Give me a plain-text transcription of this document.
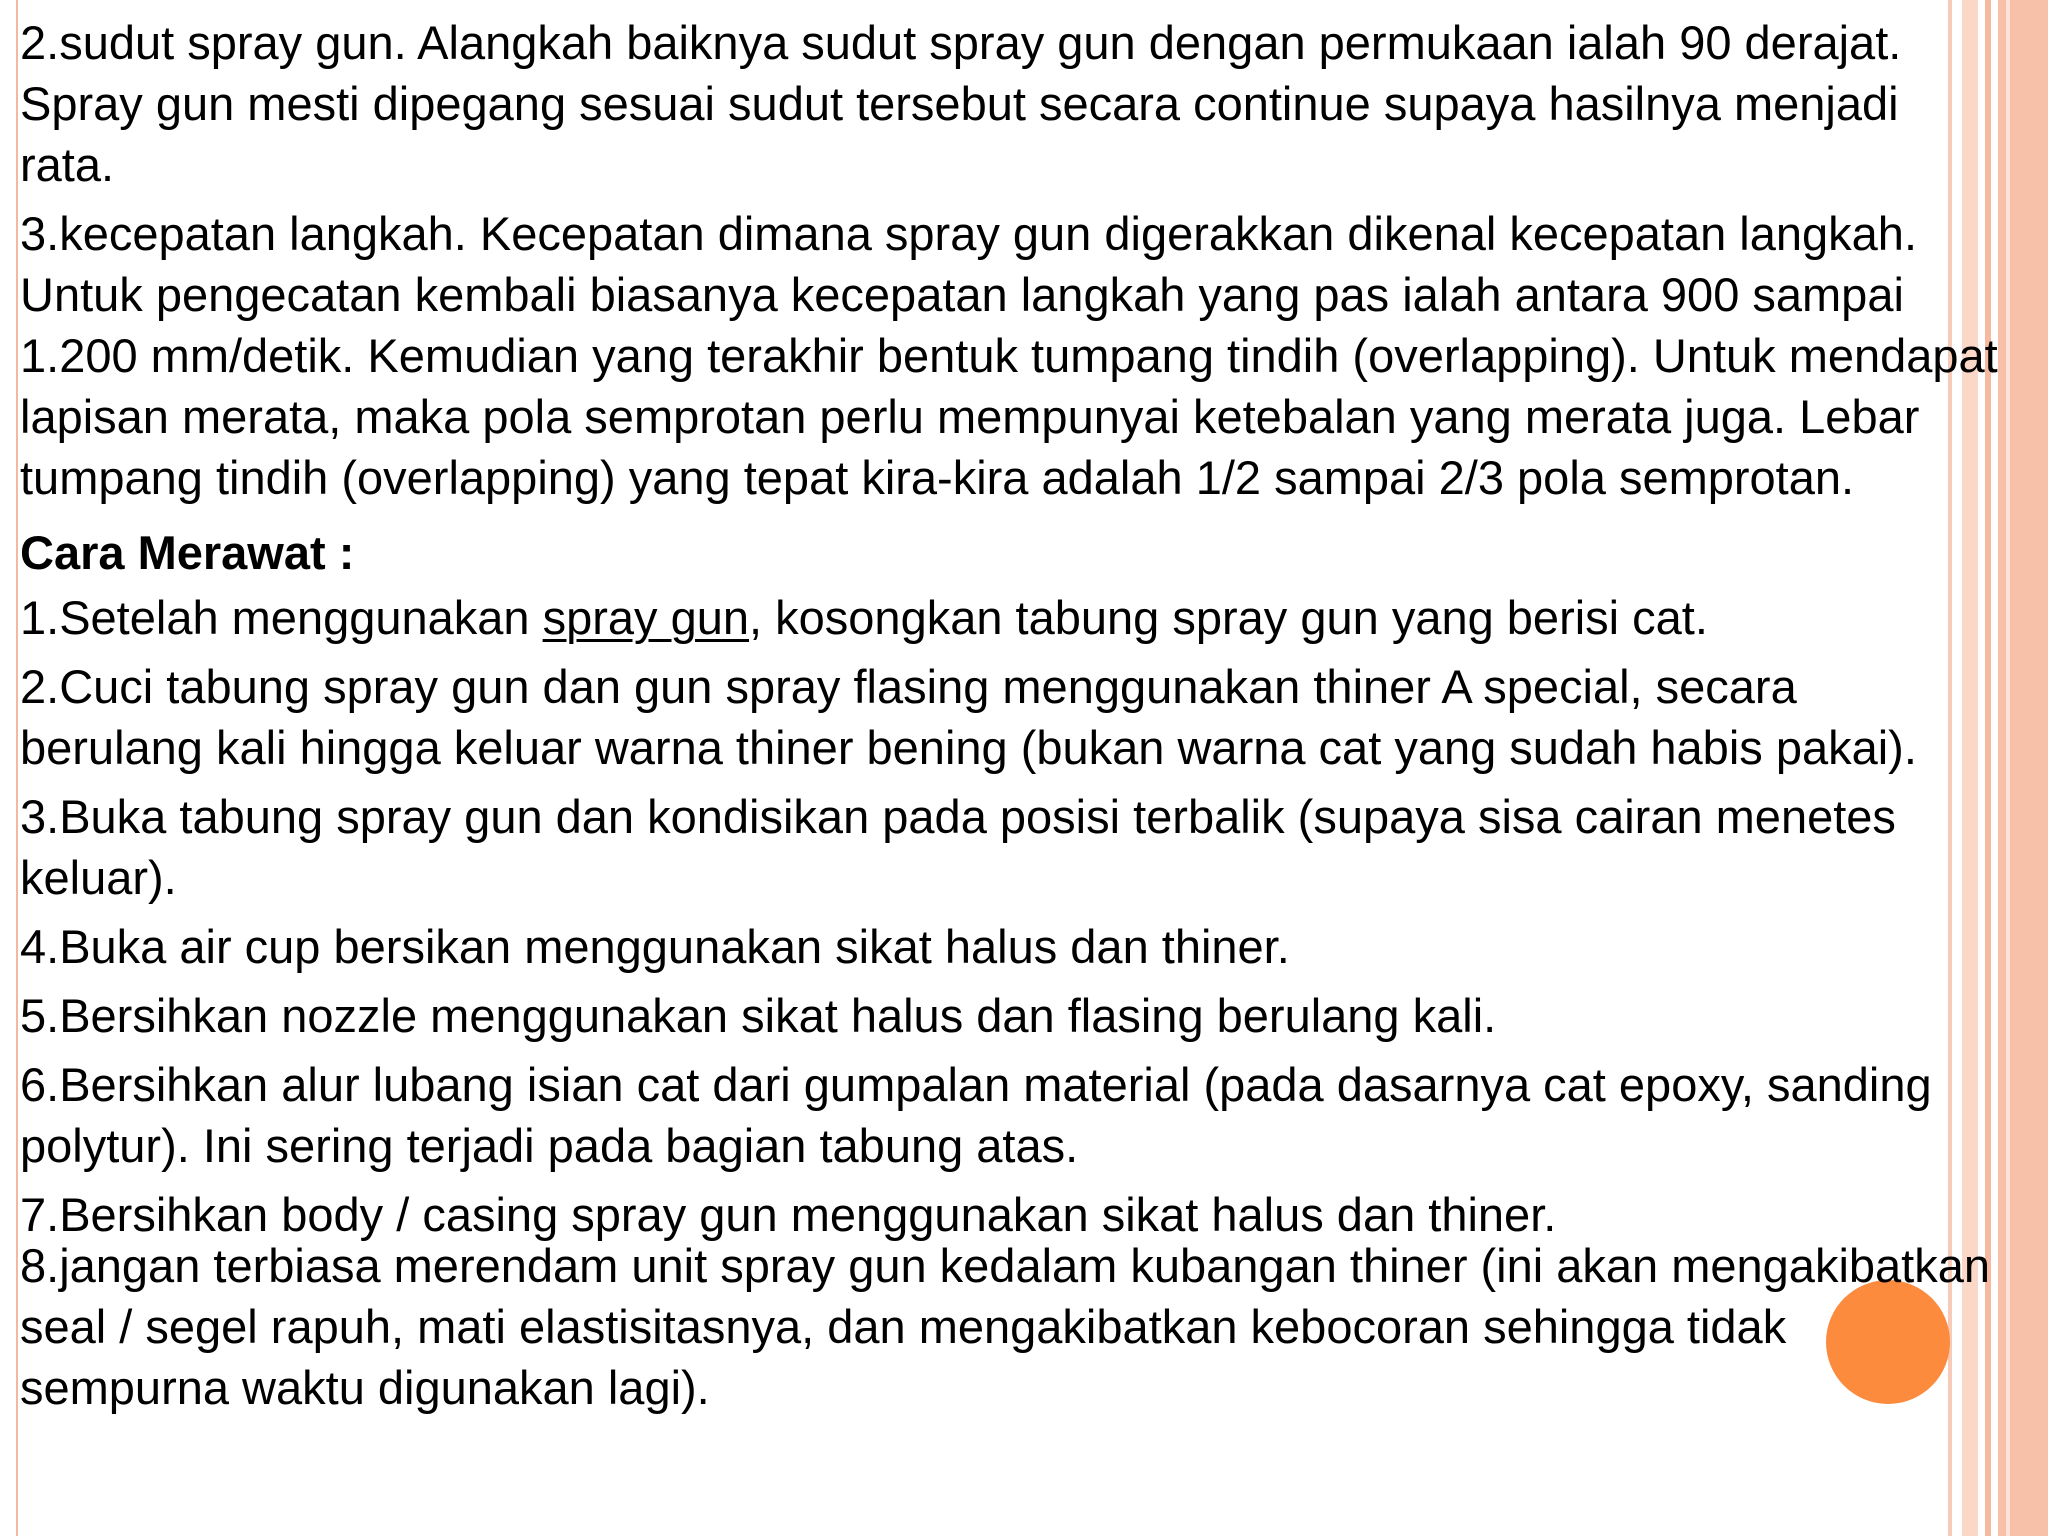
2.sudut spray gun. Alangkah baiknya sudut spray gun dengan permukaan ialah 90 derajat. Spray gun mesti dipegang sesuai sudut tersebut secara continue supaya hasilnya menjadi rata.

3.kecepatan langkah. Kecepatan dimana spray gun digerakkan dikenal kecepatan langkah. Untuk pengecatan kembali biasanya kecepatan langkah yang pas ialah antara 900 sampai 1.200 mm/detik. Kemudian yang terakhir bentuk tumpang tindih (overlapping). Untuk mendapat lapisan merata, maka pola semprotan perlu mempunyai ketebalan yang merata juga. Lebar tumpang tindih (overlapping) yang tepat kira-kira adalah 1/2 sampai 2/3 pola semprotan.

Cara Merawat :

1.Setelah menggunakan spray gun, kosongkan tabung spray gun yang berisi cat.

2.Cuci tabung spray gun dan gun spray flasing menggunakan thiner A special, secara berulang kali hingga keluar warna thiner bening (bukan warna cat yang sudah habis pakai).

3.Buka tabung spray gun dan kondisikan pada posisi terbalik (supaya sisa cairan menetes keluar).

4.Buka air cup bersikan menggunakan sikat halus dan thiner.

5.Bersihkan nozzle menggunakan sikat halus dan flasing berulang kali.

6.Bersihkan alur lubang isian cat dari gumpalan material (pada dasarnya cat epoxy, sanding polytur). Ini sering terjadi pada bagian tabung atas.

7.Bersihkan body / casing spray gun menggunakan sikat halus dan thiner.

8.jangan terbiasa merendam unit spray gun kedalam kubangan thiner (ini akan mengakibatkan seal / segel rapuh, mati elastisitasnya, dan mengakibatkan kebocoran sehingga tidak sempurna waktu digunakan lagi).
